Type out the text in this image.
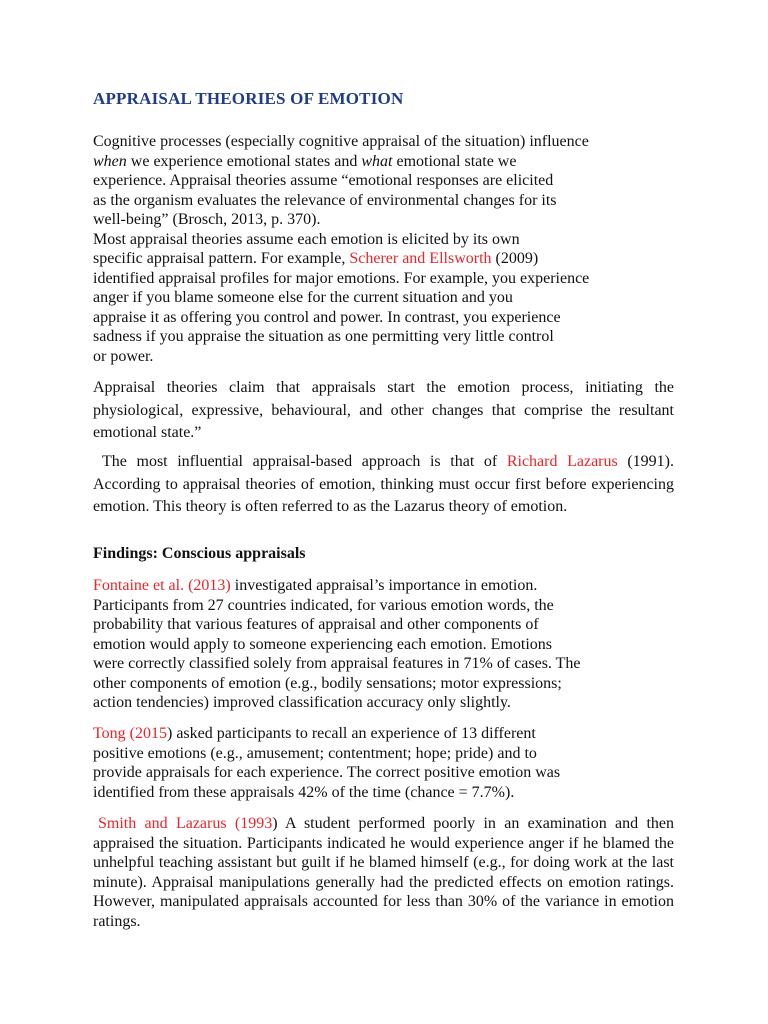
APPRAISAL THEORIES OF EMOTION
Cognitive processes (especially cognitive appraisal of the situation) influence
when we experience emotional states and what emotional state we
experience. Appraisal theories assume “emotional responses are elicited
as the organism evaluates the relevance of environmental changes for its
well-being” (Brosch, 2013, p. 370).
Most appraisal theories assume each emotion is elicited by its own
specific appraisal pattern. For example, Scherer and Ellsworth (2009)
identified appraisal profiles for major emotions. For example, you experience
anger if you blame someone else for the current situation and you
appraise it as offering you control and power. In contrast, you experience
sadness if you appraise the situation as one permitting very little control
or power.
Appraisal theories claim that appraisals start the emotion process, initiating the physiological, expressive, behavioural, and other changes that comprise the resultant emotional state.”
The most influential appraisal-based approach is that of Richard Lazarus (1991). According to appraisal theories of emotion, thinking must occur first before experiencing emotion. This theory is often referred to as the Lazarus theory of emotion.
Findings: Conscious appraisals
Fontaine et al. (2013) investigated appraisal’s importance in emotion.
Participants from 27 countries indicated, for various emotion words, the
probability that various features of appraisal and other components of
emotion would apply to someone experiencing each emotion. Emotions
were correctly classified solely from appraisal features in 71% of cases. The
other components of emotion (e.g., bodily sensations; motor expressions;
action tendencies) improved classification accuracy only slightly.
Tong (2015) asked participants to recall an experience of 13 different
positive emotions (e.g., amusement; contentment; hope; pride) and to
provide appraisals for each experience. The correct positive emotion was
identified from these appraisals 42% of the time (chance = 7.7%).
Smith and Lazarus (1993) A student performed poorly in an examination and then appraised the situation. Participants indicated he would experience anger if he blamed the unhelpful teaching assistant but guilt if he blamed himself (e.g., for doing work at the last minute). Appraisal manipulations generally had the predicted effects on emotion ratings. However, manipulated appraisals accounted for less than 30% of the variance in emotion ratings.
